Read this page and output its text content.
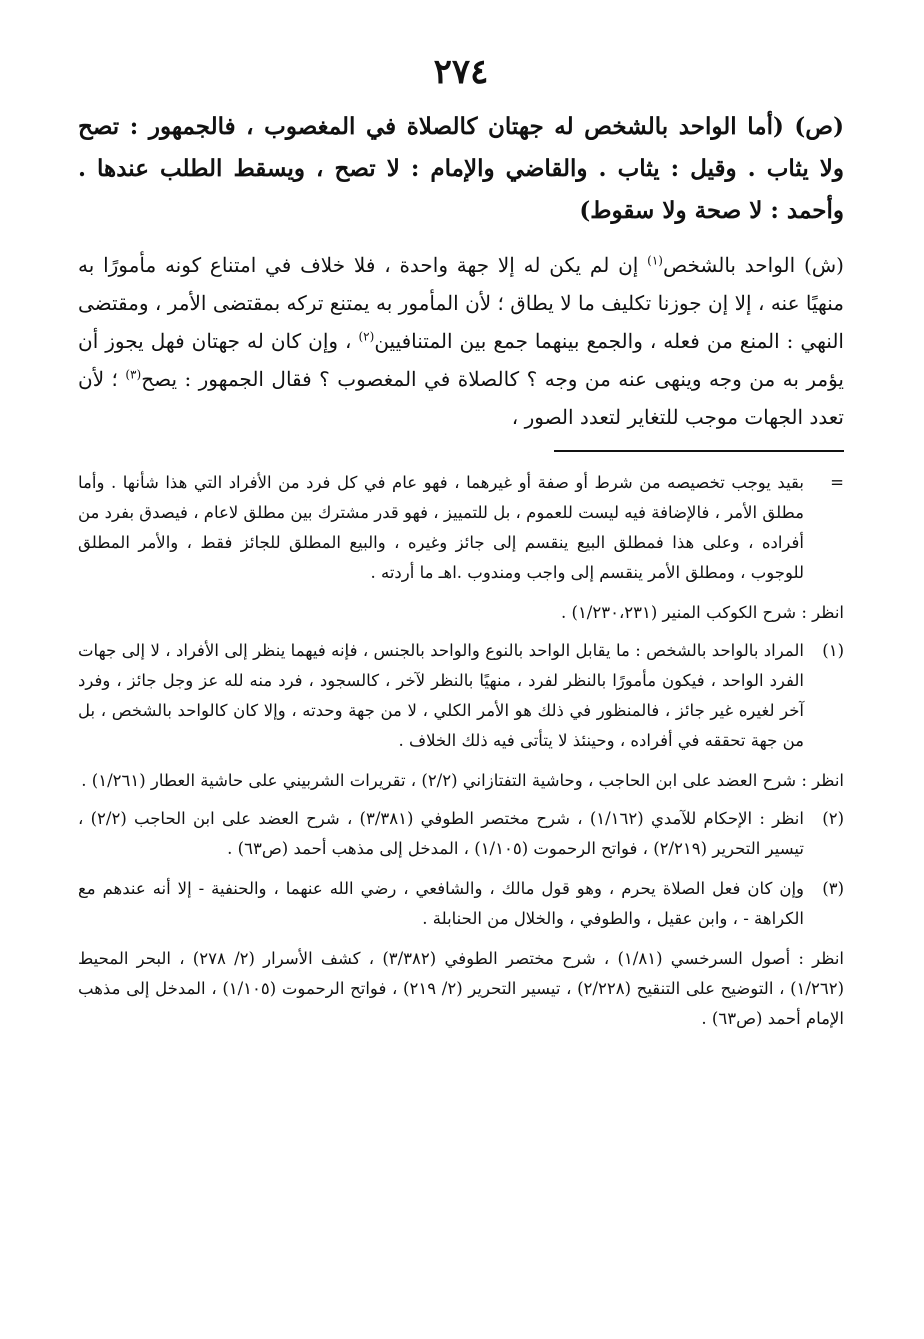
٢٧٤

(ص) (أما الواحد بالشخص له جهتان كالصلاة في المغصوب ، فالجمهور : تصح ولا يثاب . وقيل : يثاب . والقاضي والإمام : لا تصح ، ويسقط الطلب عندها . وأحمد : لا صحة ولا سقوط)

(ش) الواحد بالشخص$^{(١)}$ إن لم يكن له إلا جهة واحدة ، فلا خلاف في امتناع كونه مأمورًا به منهيًا عنه ، إلا إن جوزنا تكليف ما لا يطاق ؛ لأن المأمور به يمتنع تركه بمقتضى الأمر ، ومقتضى النهي : المنع من فعله ، والجمع بينهما جمع بين المتنافيين$^{(٢)}$ ، وإن كان له جهتان فهل يجوز أن يؤمر به من وجه وينهى عنه من وجه ؟ كالصلاة في المغصوب ؟ فقال الجمهور : يصح$^{(٣)}$ ؛ لأن تعدد الجهات موجب للتغاير لتعدد الصور ،

=

بقيد يوجب تخصيصه من شرط أو صفة أو غيرهما ، فهو عام في كل فرد من الأفراد التي هذا شأنها . وأما مطلق الأمر ، فالإضافة فيه ليست للعموم ، بل للتمييز ، فهو قدر مشترك بين مطلق لاعام ، فيصدق بفرد من أفراده ، وعلى هذا فمطلق البيع ينقسم إلى جائز وغيره ، والبيع المطلق للجائز فقط ، والأمر المطلق للوجوب ، ومطلق الأمر ينقسم إلى واجب ومندوب .اهـ ما أردته .

انظر : شرح الكوكب المنير (١/٢٣٠،٢٣١) .

(١)

المراد بالواحد بالشخص : ما يقابل الواحد بالنوع والواحد بالجنس ، فإنه فيهما ينظر إلى الأفراد ، لا إلى جهات الفرد الواحد ، فيكون مأمورًا بالنظر لفرد ، منهيًا بالنظر لآخر ، كالسجود ، فرد منه لله عز وجل جائز ، وفرد آخر لغيره غير جائز ، فالمنظور في ذلك هو الأمر الكلي ، لا من جهة وحدته ، وإلا كان كالواحد بالشخص ، بل من جهة تحققه في أفراده ، وحينئذ لا يتأتى فيه ذلك الخلاف .

انظر : شرح العضد على ابن الحاجب ، وحاشية التفتازاني (٢/٢) ، تقريرات الشربيني على حاشية العطار (١/٢٦١) .

(٢)

انظر : الإحكام للآمدي (١/١٦٢) ، شرح مختصر الطوفي (٣/٣٨١) ، شرح العضد على ابن الحاجب (٢/٢) ، تيسير التحرير (٢/٢١٩) ، فواتح الرحموت (١/١٠٥) ، المدخل إلى مذهب أحمد (ص٦٣) .

(٣)

وإن كان فعل الصلاة يحرم ، وهو قول مالك ، والشافعي ، رضي الله عنهما ، والحنفية - إلا أنه عندهم مع الكراهة - ، وابن عقيل ، والطوفي ، والخلال من الحنابلة .

انظر : أصول السرخسي (١/٨١) ، شرح مختصر الطوفي (٣/٣٨٢) ، كشف الأسرار (٢/ ٢٧٨) ، البحر المحيط (١/٢٦٢) ، التوضيح على التنقيح (٢/٢٢٨) ، تيسير التحرير (٢/ ٢١٩) ، فواتح الرحموت (١/١٠٥) ، المدخل إلى مذهب الإمام أحمد (ص٦٣) .
